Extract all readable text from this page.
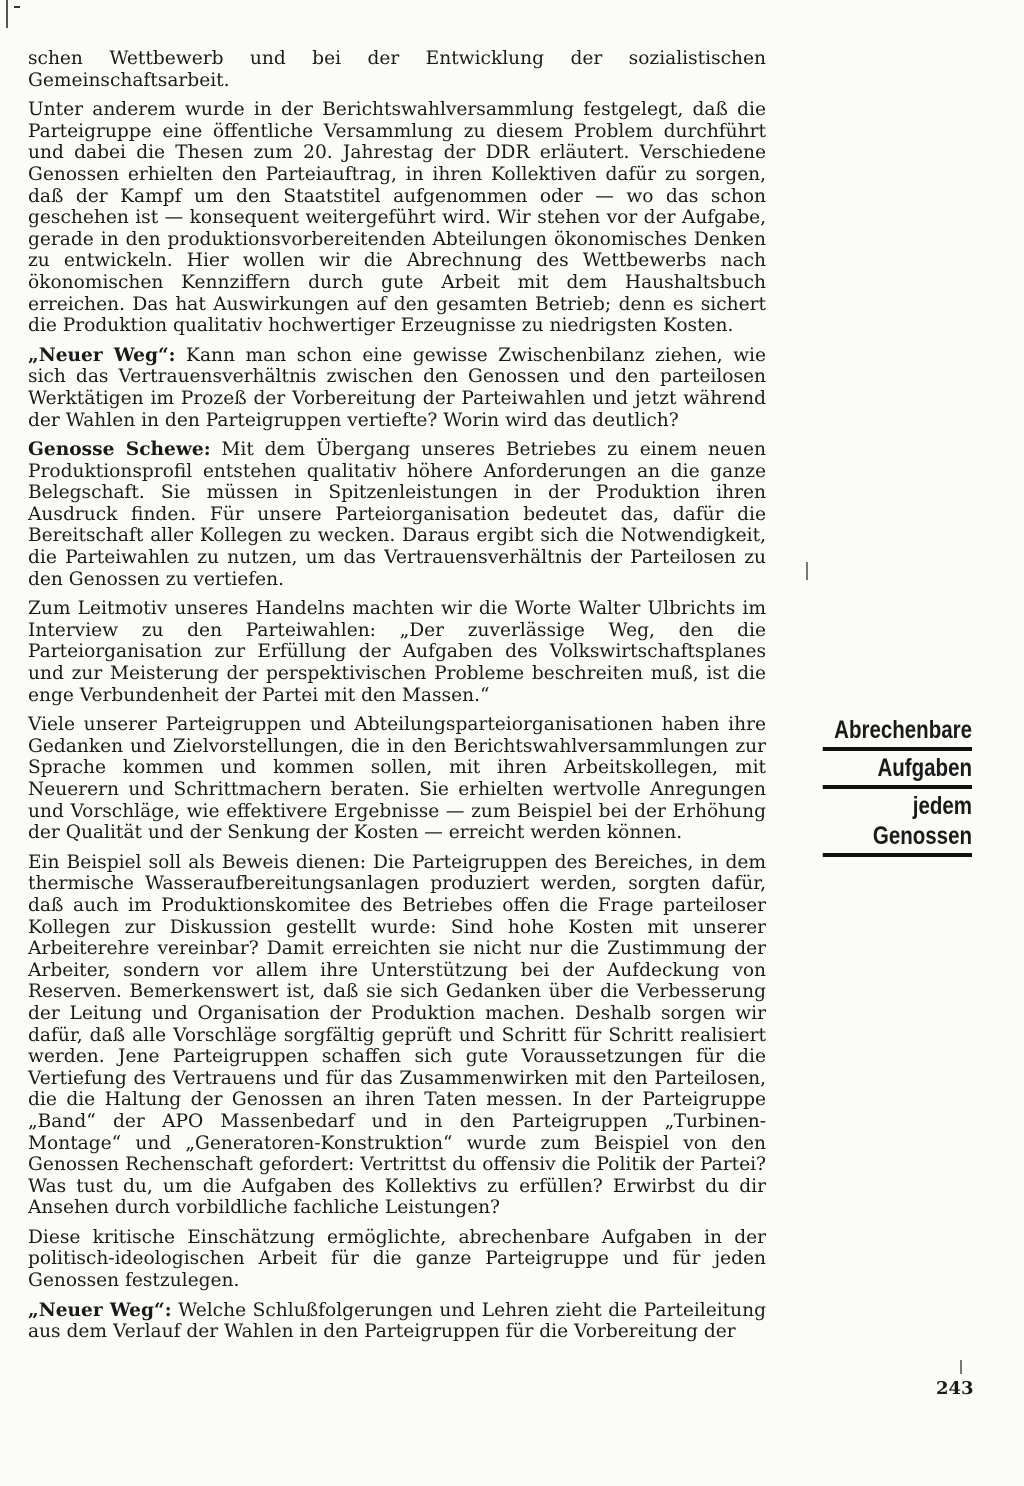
schen Wettbewerb und bei der Entwicklung der sozialistischen Gemeinschaftsarbeit.

Unter anderem wurde in der Berichtswahlversammlung festgelegt, daß die Parteigruppe eine öffentliche Versammlung zu diesem Problem durchführt und dabei die Thesen zum 20. Jahrestag der DDR erläutert. Verschiedene Genossen erhielten den Parteiauftrag, in ihren Kollektiven dafür zu sorgen, daß der Kampf um den Staatstitel aufgenommen oder — wo das schon geschehen ist — konsequent weitergeführt wird. Wir stehen vor der Aufgabe, gerade in den produktionsvorbereitenden Abteilungen ökonomisches Denken zu entwickeln. Hier wollen wir die Abrechnung des Wettbewerbs nach ökonomischen Kennziffern durch gute Arbeit mit dem Haushaltsbuch erreichen. Das hat Auswirkungen auf den gesamten Betrieb; denn es sichert die Produktion qualitativ hochwertiger Erzeugnisse zu niedrigsten Kosten.

„Neuer Weg“: Kann man schon eine gewisse Zwischenbilanz ziehen, wie sich das Vertrauensverhältnis zwischen den Genossen und den parteilosen Werktätigen im Prozeß der Vorbereitung der Parteiwahlen und jetzt während der Wahlen in den Parteigruppen vertiefte? Worin wird das deutlich?

Genosse Schewe: Mit dem Übergang unseres Betriebes zu einem neuen Produktionsprofil entstehen qualitativ höhere Anforderungen an die ganze Belegschaft. Sie müssen in Spitzenleistungen in der Produktion ihren Ausdruck finden. Für unsere Parteiorganisation bedeutet das, dafür die Bereitschaft aller Kollegen zu wecken. Daraus ergibt sich die Notwendigkeit, die Parteiwahlen zu nutzen, um das Vertrauensverhältnis der Parteilosen zu den Genossen zu vertiefen.

Zum Leitmotiv unseres Handelns machten wir die Worte Walter Ulbrichts im Interview zu den Parteiwahlen: „Der zuverlässige Weg, den die Parteiorganisation zur Erfüllung der Aufgaben des Volkswirtschaftsplanes und zur Meisterung der perspektivischen Probleme beschreiten muß, ist die enge Verbundenheit der Partei mit den Massen.“

Viele unserer Parteigruppen und Abteilungsparteiorganisationen haben ihre Gedanken und Zielvorstellungen, die in den Berichtswahlversammlungen zur Sprache kommen und kommen sollen, mit ihren Arbeitskollegen, mit Neuerern und Schrittmachern beraten. Sie erhielten wertvolle Anregungen und Vorschläge, wie effektivere Ergebnisse — zum Beispiel bei der Erhöhung der Qualität und der Senkung der Kosten — erreicht werden können.

Ein Beispiel soll als Beweis dienen: Die Parteigruppen des Bereiches, in dem thermische Wasseraufbereitungsanlagen produziert werden, sorgten dafür, daß auch im Produktionskomitee des Betriebes offen die Frage parteiloser Kollegen zur Diskussion gestellt wurde: Sind hohe Kosten mit unserer Arbeiterehre vereinbar? Damit erreichten sie nicht nur die Zustimmung der Arbeiter, sondern vor allem ihre Unterstützung bei der Aufdeckung von Reserven. Bemerkenswert ist, daß sie sich Gedanken über die Verbesserung der Leitung und Organisation der Produktion machen. Deshalb sorgen wir dafür, daß alle Vorschläge sorgfältig geprüft und Schritt für Schritt realisiert werden. Jene Parteigruppen schaffen sich gute Voraussetzungen für die Vertiefung des Vertrauens und für das Zusammenwirken mit den Parteilosen, die die Haltung der Genossen an ihren Taten messen. In der Parteigruppe „Band“ der APO Massenbedarf und in den Parteigruppen „Turbinen-Montage“ und „Generatoren-Konstruktion“ wurde zum Beispiel von den Genossen Rechenschaft gefordert: Vertrittst du offensiv die Politik der Partei? Was tust du, um die Aufgaben des Kollektivs zu erfüllen? Erwirbst du dir Ansehen durch vorbildliche fachliche Leistungen?

Diese kritische Einschätzung ermöglichte, abrechenbare Aufgaben in der politisch-ideologischen Arbeit für die ganze Parteigruppe und für jeden Genossen festzulegen.

„Neuer Weg“: Welche Schlußfolgerungen und Lehren zieht die Parteileitung aus dem Verlauf der Wahlen in den Parteigruppen für die Vorbereitung der

Abrechenbare
Aufgaben
jedem Genossen
243
